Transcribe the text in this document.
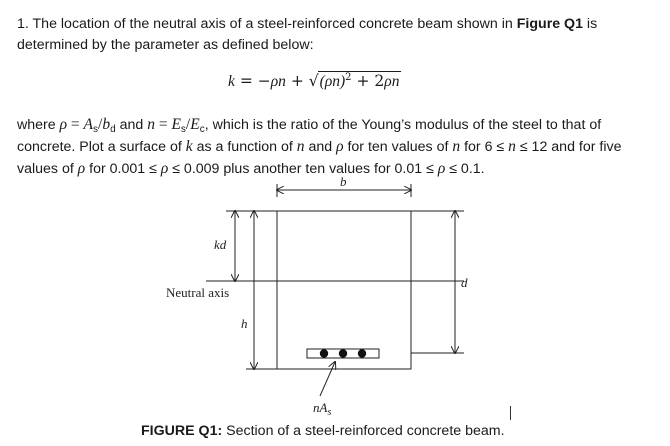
1. The location of the neutral axis of a steel-reinforced concrete beam shown in Figure Q1 is determined by the parameter as defined below:

$k = -\rho n + √(\rho n)^2 + 2\rho n$

where $\rho = A_s/b_d$ and $n = E_s/E_c$, which is the ratio of the Young’s modulus of the steel to that of concrete. Plot a surface of k as a function of n and ρ for ten values of n for 6 ≤ n ≤ 12 and for five values of ρ for 0.001 ≤ ρ ≤ 0.009 plus another ten values for 0.01 ≤ ρ ≤ 0.1.

b
kd
Neutral axis
h
d
$nA_s$
FIGURE Q1: Section of a steel-reinforced concrete beam.
